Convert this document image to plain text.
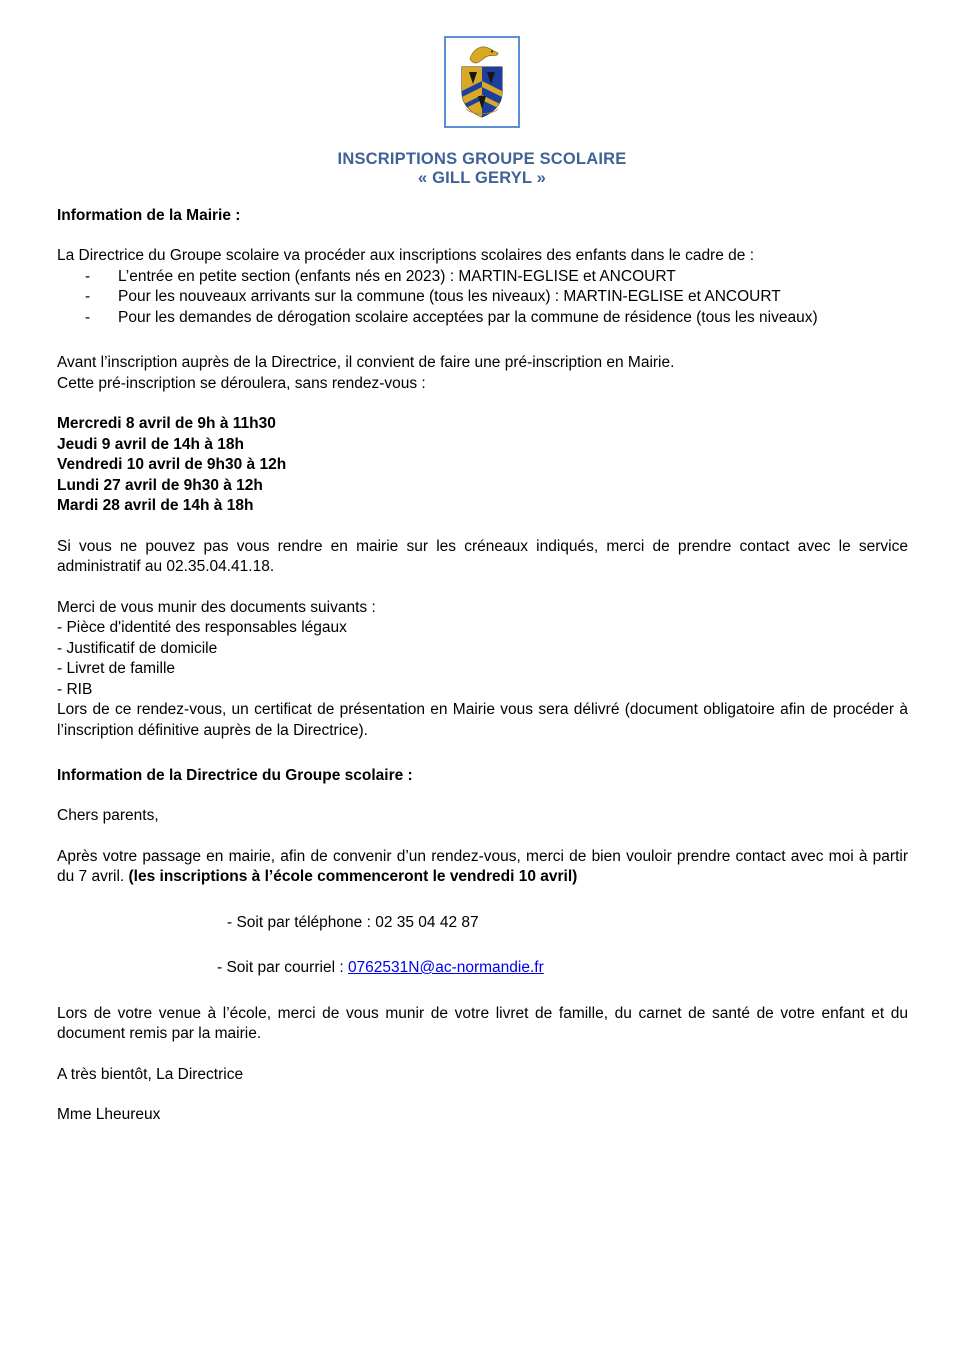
INSCRIPTIONS GROUPE SCOLAIRE
« GILL GERYL »
Information de la Mairie :

La Directrice du Groupe scolaire va procéder aux inscriptions scolaires des enfants dans le cadre de :

- L’entrée en petite section (enfants nés en 2023) : MARTIN-EGLISE et ANCOURT
- Pour les nouveaux arrivants sur la commune (tous les niveaux) : MARTIN-EGLISE et ANCOURT
- Pour les demandes de dérogation scolaire acceptées par la commune de résidence (tous les niveaux)

Avant l’inscription auprès de la Directrice, il convient de faire une pré-inscription en Mairie.

Cette pré-inscription se déroulera, sans rendez-vous :

Mercredi 8 avril de 9h à 11h30
Jeudi 9 avril de 14h à 18h
Vendredi 10 avril de 9h30 à 12h
Lundi 27 avril de 9h30 à 12h
Mardi 28 avril de 14h à 18h

Si vous ne pouvez pas vous rendre en mairie sur les créneaux indiqués, merci de prendre contact avec le service administratif au 02.35.04.41.18.

Merci de vous munir des documents suivants :

- Pièce d'identité des responsables légaux
- Justificatif de domicile
- Livret de famille
- RIB

Lors de ce rendez-vous, un certificat de présentation en Mairie vous sera délivré (document obligatoire afin de procéder à l’inscription définitive auprès de la Directrice).

Information de la Directrice du Groupe scolaire :

Chers parents,

Après votre passage en mairie, afin de convenir d’un rendez-vous, merci de bien vouloir prendre contact avec moi à partir du 7 avril. (les inscriptions à l’école commenceront le vendredi 10 avril)

- Soit par téléphone : 02 35 04 42 87

- Soit par courriel : 0762531N@ac-normandie.fr

Lors de votre venue à l’école, merci de vous munir de votre livret de famille, du carnet de santé de votre enfant et du document remis par la mairie.

A très bientôt, La Directrice

Mme Lheureux
